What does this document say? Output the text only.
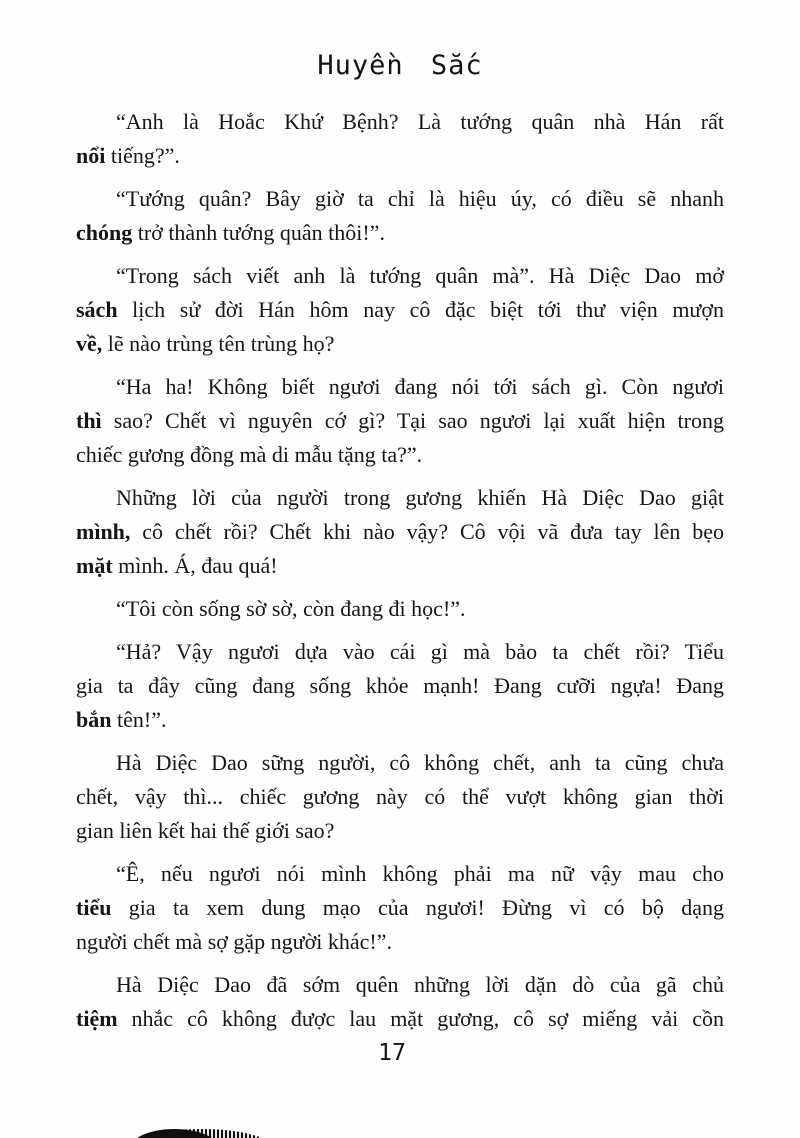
Huyền Sắc
“Anh là Hoắc Khứ Bệnh? Là tướng quân nhà Hán rất
nổi tiếng?”.
“Tướng quân? Bây giờ ta chỉ là hiệu úy, có điều sẽ nhanh
chóng trở thành tướng quân thôi!”.
“Trong sách viết anh là tướng quân mà”. Hà Diệc Dao mở
sách lịch sử đời Hán hôm nay cô đặc biệt tới thư viện mượn
về, lẽ nào trùng tên trùng họ?
“Ha ha! Không biết ngươi đang nói tới sách gì. Còn ngươi
thì sao? Chết vì nguyên cớ gì? Tại sao ngươi lại xuất hiện trong
chiếc gương đồng mà di mẫu tặng ta?”.
Những lời của người trong gương khiến Hà Diệc Dao giật
mình, cô chết rồi? Chết khi nào vậy? Cô vội vã đưa tay lên bẹo
mặt mình. Á, đau quá!
“Tôi còn sống sờ sờ, còn đang đi học!”.
“Hả? Vậy ngươi dựa vào cái gì mà bảo ta chết rồi? Tiểu
gia ta đây cũng đang sống khỏe mạnh! Đang cưỡi ngựa! Đang
bắn tên!”.
Hà Diệc Dao sững người, cô không chết, anh ta cũng chưa
chết, vậy thì... chiếc gương này có thể vượt không gian thời
gian liên kết hai thế giới sao?
“Ê, nếu ngươi nói mình không phải ma nữ vậy mau cho
tiểu gia ta xem dung mạo của ngươi! Đừng vì có bộ dạng
người chết mà sợ gặp người khác!”.
Hà Diệc Dao đã sớm quên những lời dặn dò của gã chủ
tiệm nhắc cô không được lau mặt gương, cô sợ miếng vải cồn
17
